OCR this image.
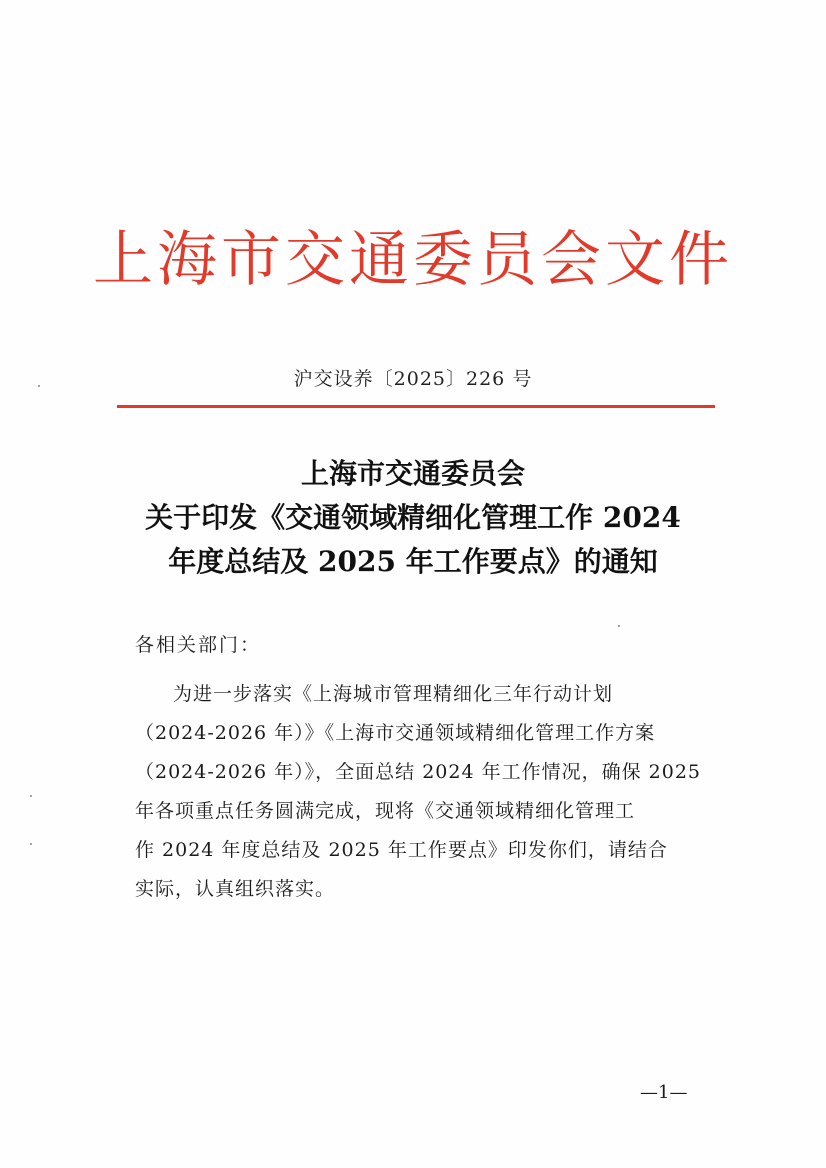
上海市交通委员会文件
沪交设养〔2025〕226 号
上海市交通委员会
关于印发《交通领域精细化管理工作 2024
年度总结及 2025 年工作要点》的通知
各相关部门：
为进一步落实《上海城市管理精细化三年行动计划
（2024-2026 年）》《上海市交通领域精细化管理工作方案
（2024-2026 年）》，全面总结 2024 年工作情况，确保 2025
年各项重点任务圆满完成，现将《交通领域精细化管理工
作 2024 年度总结及 2025 年工作要点》印发你们，请结合
实际，认真组织落实。
—1—
